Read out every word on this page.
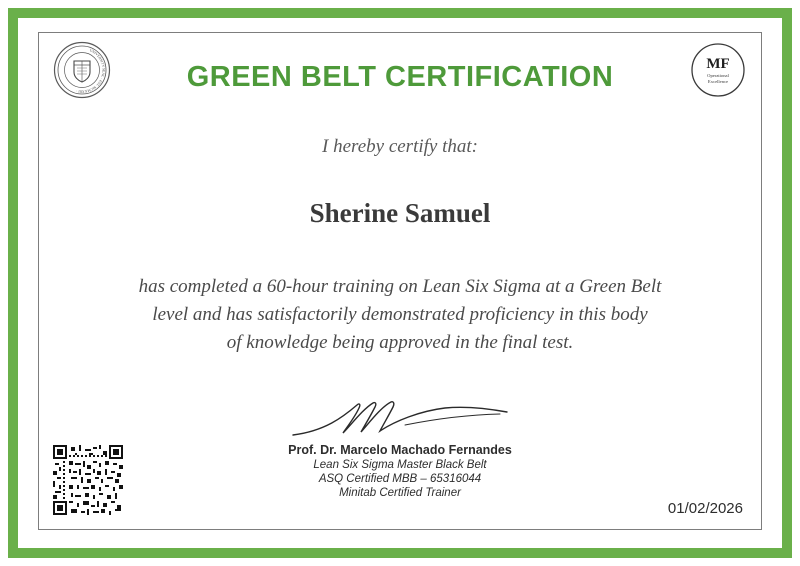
UNIVERSITY SEAL · EST. MCMXXIII ·
MF
Operational
Excellence
GREEN BELT CERTIFICATION
I hereby certify that:
Sherine Samuel
has completed a 60-hour training on Lean Six Sigma at a Green Belt
level and has satisfactorily demonstrated proficiency in this body
of knowledge being approved in the final test.
Prof. Dr. Marcelo Machado Fernandes
Lean Six Sigma Master Black Belt
ASQ Certified MBB – 65316044
Minitab Certified Trainer
01/02/2026
